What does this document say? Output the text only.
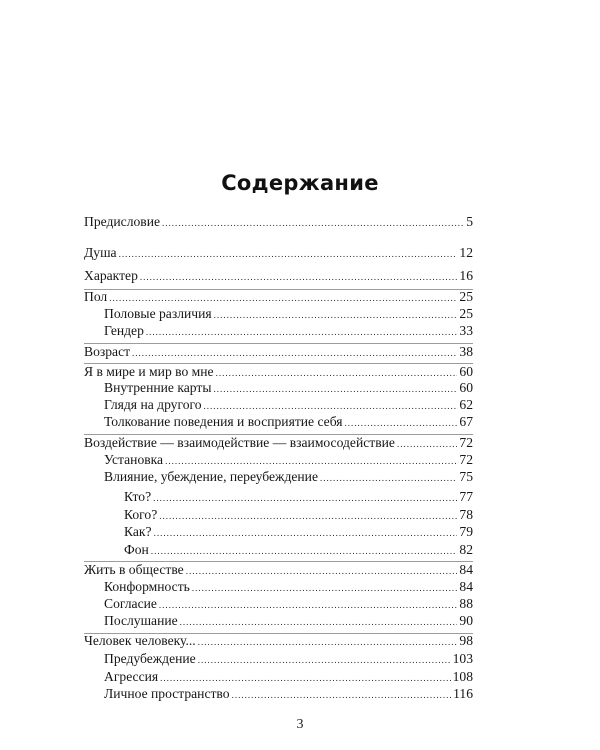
Содержание
Предисловие .....	5
Душа .....	12
Характер .....	16
Пол .....	25
Половые различия .....	25
Гендер .....	33
Возраст .....	38
Я в мире и мир во мне .....	60
Внутренние карты .....	60
Глядя на другого .....	62
Толкование поведения и восприятие себя .....	67
Воздействие — взаимодействие — взаимосодействие .....	72
Установка .....	72
Влияние, убеждение, переубеждение .....	75
Кто? .....	77
Кого? .....	78
Как? .....	79
Фон .....	82
Жить в обществе .....	84
Конформность .....	84
Согласие .....	88
Послушание .....	90
Человек человеку... .....	98
Предубеждение .....	103
Агрессия .....	108
Личное пространство .....	116
3
